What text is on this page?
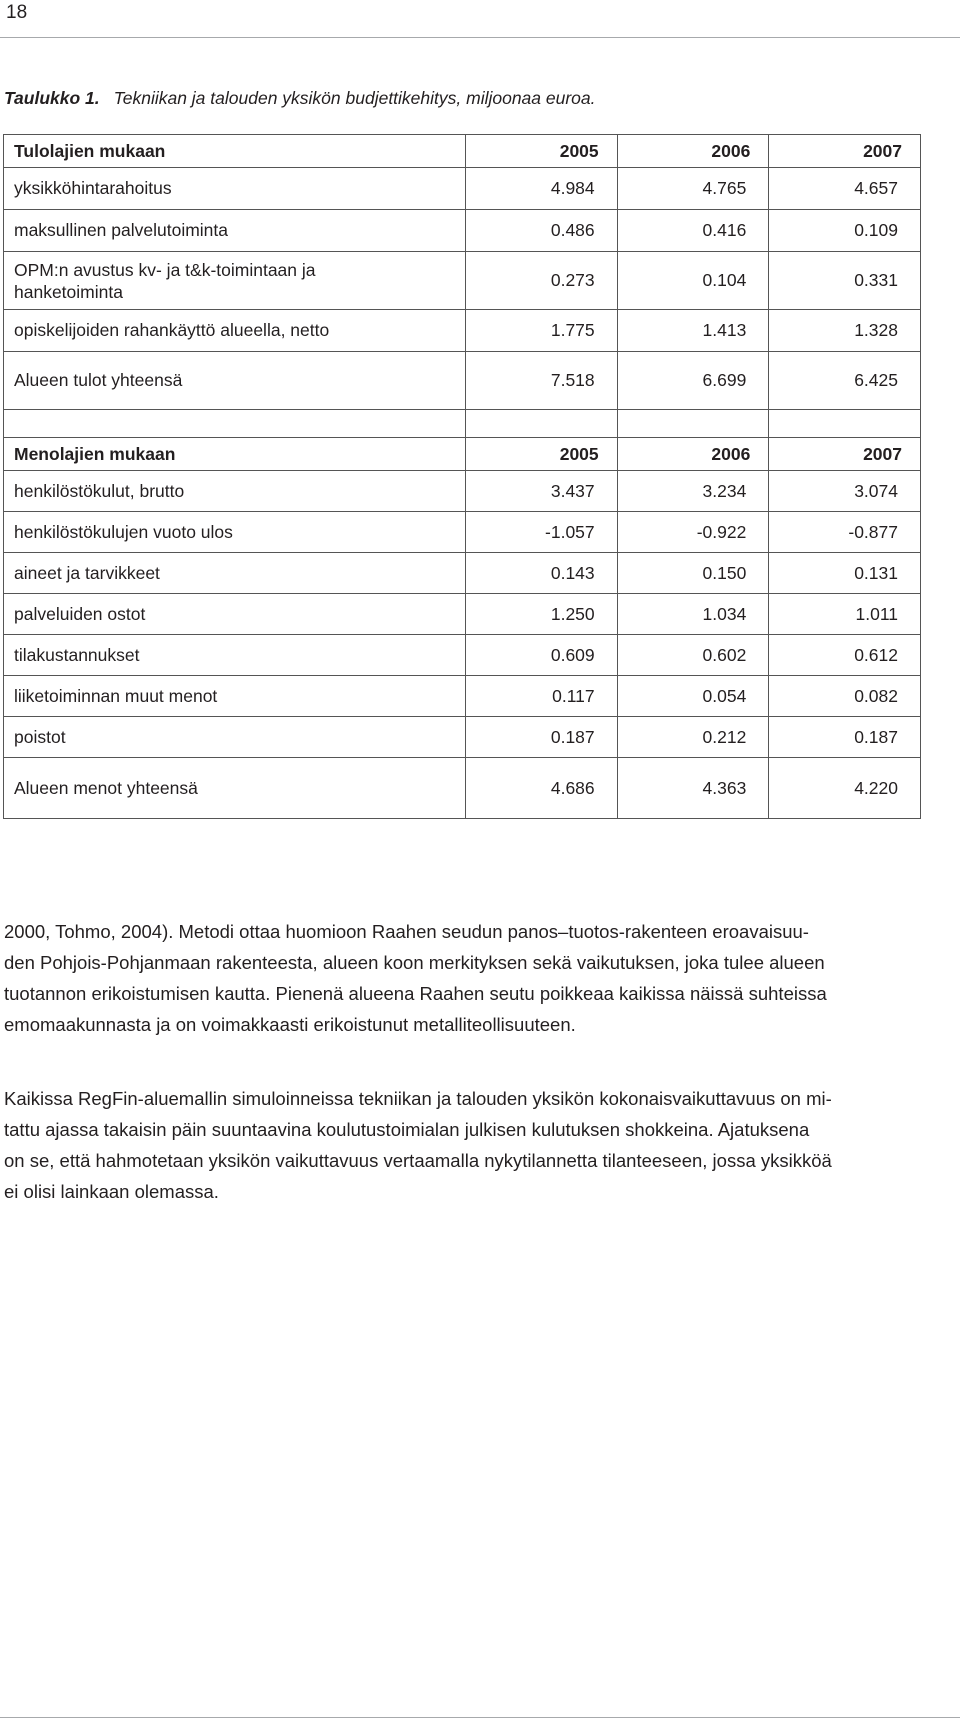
18
Taulukko 1. Tekniikan ja talouden yksikön budjettikehitys, miljoonaa euroa.
Tulolajien mukaan	2005	2006	2007
yksikköhintarahoitus	4.984	4.765	4.657
maksullinen palvelutoiminta	0.486	0.416	0.109
OPM:n avustus kv- ja t&k-toimintaan ja
hanketoiminta	0.273	0.104	0.331
opiskelijoiden rahankäyttö alueella, netto	1.775	1.413	1.328
Alueen tulot yhteensä	7.518	6.699	6.425

Menolajien mukaan	2005	2006	2007
henkilöstökulut, brutto	3.437	3.234	3.074
henkilöstökulujen vuoto ulos	-1.057	-0.922	-0.877
aineet ja tarvikkeet	0.143	0.150	0.131
palveluiden ostot	1.250	1.034	1.011
tilakustannukset	0.609	0.602	0.612
liiketoiminnan muut menot	0.117	0.054	0.082
poistot	0.187	0.212	0.187
Alueen menot yhteensä	4.686	4.363	4.220
2000, Tohmo, 2004). Metodi ottaa huomioon Raahen seudun panos–tuotos-rakenteen eroavaisuu-
den Pohjois-Pohjanmaan rakenteesta, alueen koon merkityksen sekä vaikutuksen, joka tulee alueen
tuotannon erikoistumisen kautta. Pienenä alueena Raahen seutu poikkeaa kaikissa näissä suhteissa
emomaakunnasta ja on voimakkaasti erikoistunut metalliteollisuuteen.
Kaikissa RegFin-aluemallin simuloinneissa tekniikan ja talouden yksikön kokonaisvaikuttavuus on mi-
tattu ajassa takaisin päin suuntaavina koulutustoimialan julkisen kulutuksen shokkeina. Ajatuksena
on se, että hahmotetaan yksikön vaikuttavuus vertaamalla nykytilannetta tilanteeseen, jossa yksikköä
ei olisi lainkaan olemassa.
